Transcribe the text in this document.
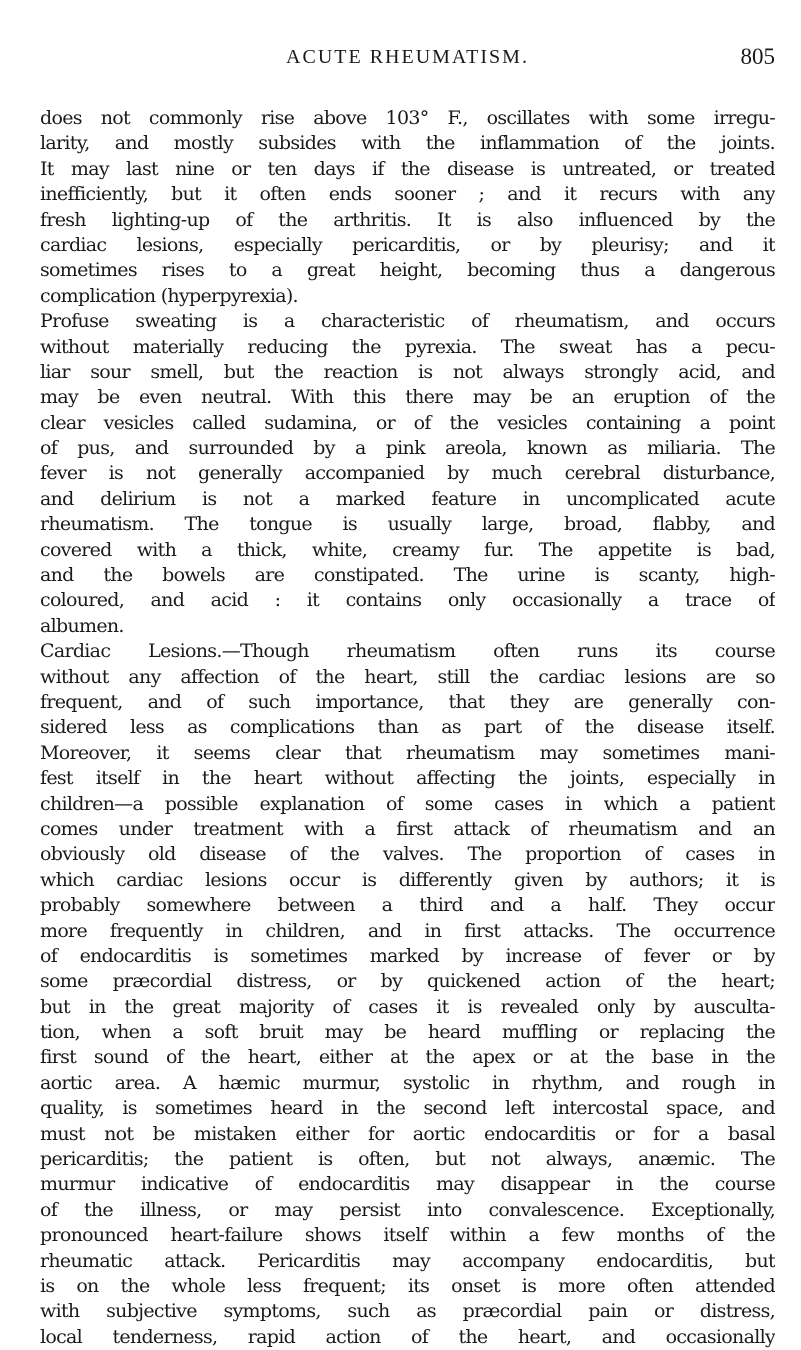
ACUTE RHEUMATISM.	805
does not commonly rise above 103° F., oscillates with some irregu-
larity, and mostly subsides with the inflammation of the joints.
It may last nine or ten days if the disease is untreated, or treated
inefficiently, but it often ends sooner ; and it recurs with any
fresh lighting-up of the arthritis. It is also influenced by the
cardiac lesions, especially pericarditis, or by pleurisy; and it
sometimes rises to a great height, becoming thus a dangerous
complication (hyperpyrexia).
Profuse sweating is a characteristic of rheumatism, and occurs
without materially reducing the pyrexia. The sweat has a pecu-
liar sour smell, but the reaction is not always strongly acid, and
may be even neutral. With this there may be an eruption of the
clear vesicles called sudamina, or of the vesicles containing a point
of pus, and surrounded by a pink areola, known as miliaria. The
fever is not generally accompanied by much cerebral disturbance,
and delirium is not a marked feature in uncomplicated acute
rheumatism. The tongue is usually large, broad, flabby, and
covered with a thick, white, creamy fur. The appetite is bad,
and the bowels are constipated. The urine is scanty, high-
coloured, and acid : it contains only occasionally a trace of
albumen.
Cardiac Lesions.—Though rheumatism often runs its course
without any affection of the heart, still the cardiac lesions are so
frequent, and of such importance, that they are generally con-
sidered less as complications than as part of the disease itself.
Moreover, it seems clear that rheumatism may sometimes mani-
fest itself in the heart without affecting the joints, especially in
children—a possible explanation of some cases in which a patient
comes under treatment with a first attack of rheumatism and an
obviously old disease of the valves. The proportion of cases in
which cardiac lesions occur is differently given by authors; it is
probably somewhere between a third and a half. They occur
more frequently in children, and in first attacks. The occurrence
of endocarditis is sometimes marked by increase of fever or by
some præcordial distress, or by quickened action of the heart;
but in the great majority of cases it is revealed only by ausculta-
tion, when a soft bruit may be heard muffling or replacing the
first sound of the heart, either at the apex or at the base in the
aortic area. A hæmic murmur, systolic in rhythm, and rough in
quality, is sometimes heard in the second left intercostal space, and
must not be mistaken either for aortic endocarditis or for a basal
pericarditis; the patient is often, but not always, anæmic. The
murmur indicative of endocarditis may disappear in the course
of the illness, or may persist into convalescence. Exceptionally,
pronounced heart-failure shows itself within a few months of the
rheumatic attack. Pericarditis may accompany endocarditis, but
is on the whole less frequent; its onset is more often attended
with subjective symptoms, such as præcordial pain or distress,
local tenderness, rapid action of the heart, and occasionally
